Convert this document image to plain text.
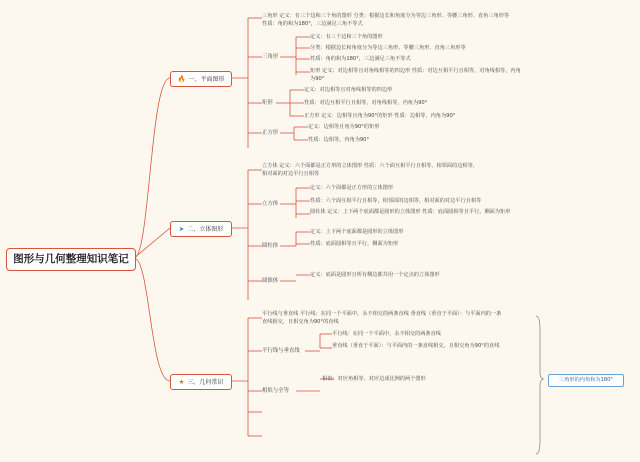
图形与几何整理知识笔记
🔥 一、平面图形
三角形 定义：有三个边和三个角的图形 分类：根据边长和角度分为等边三角形、等腰三角形、直角三角形等 性质：角的和为180°，三边满足三角不等式
三角形
定义：有三个边和三个角的图形
分类：根据边长和角度分为等边三角形、等腰三角形、直角三角形等
性质：角的和为180°，三边满足三角不等式
矩形 定义：对边相等且对角线相等的四边形 性质：对边互相平行且相等，对角线相等，内角为90°
矩形
定义：对边相等且对角线相等的四边形
性质：对边互相平行且相等，对角线相等，内角为90°
正方形 定义：边相等且角为90°的矩形 性质：边相等，内角为90°
正方形
定义：边相等且角为90°的矩形
性质：边相等，内角为90°
➤ 二、立体图形
立方体 定义：六个面都是正方形的立体图形 性质：六个面互相平行且相等，相邻面的边相等，相对面的对边平行且相等
立方体
定义：六个面都是正方形的立体图形
性质：六个面互相平行且相等，相邻面的边相等，相对面的对边平行且相等
圆柱体 定义：上下两个底面都是圆形的立体图形 性质：底面圆相等且平行，侧面为矩形
圆柱体
定义：上下两个底面都是圆形的立体图形
性质：底面圆相等且平行，侧面为矩形
圆锥体
定义：底面是圆形且所有侧边都共用一个定点的立体图形
★ 三、几何常识
平行线与垂直线 平行线：在同一个平面中，永不相交的两条直线 垂直线（垂直于平面）：与平面内的一条直线相交，且相交角为90°的直线
平行线与垂直线
平行线：在同一个平面中，永不相交的两条直线
垂直线（垂直于平面）：与平面内的一条直线相交，且相交角为90°的直线
相似与全等
相似：对应角相等，对应边成比例的两个图形	三角形的内角和为180°
